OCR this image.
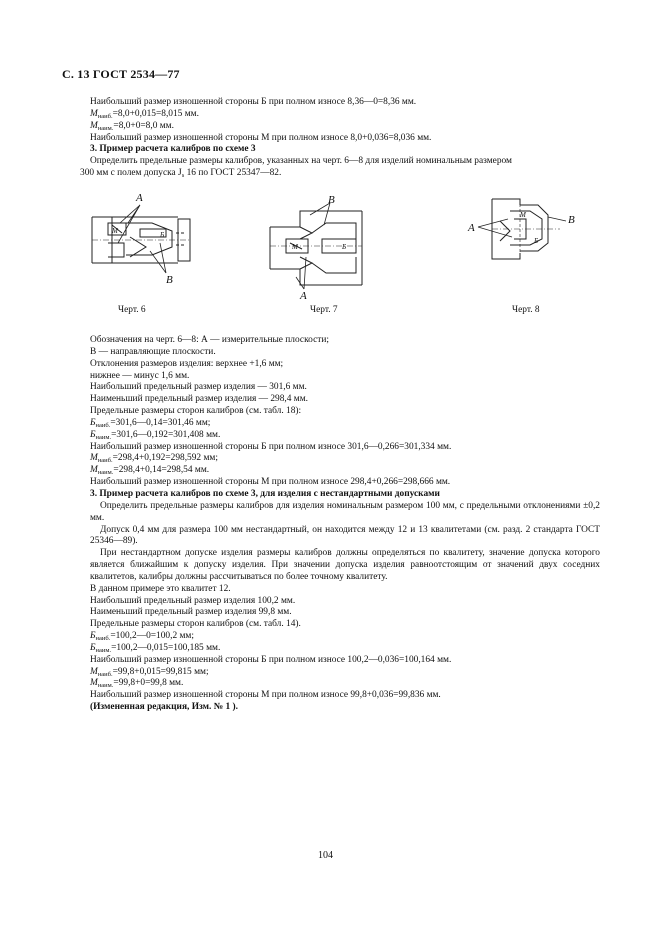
С. 13 ГОСТ 2534—77
Наибольший размер изношенной стороны Б при полном износе 8,36—0=8,36 мм.
$М_{наиб.}=8,0+0,015=8,015$ мм.
$М_{наим.}=8,0+0=8,0$ мм.
Наибольший размер изношенной стороны М при полном износе 8,0+0,036=8,036 мм.
3. Пример расчета калибров по схеме 3
Определить предельные размеры калибров, указанных на черт. 6—8 для изделий номинальным размером
300 мм с полем допуска $J_s$ 16 по ГОСТ 25347—82.
А
В
М	Б
В
А
М	Б
А
В
М
Б
Черт. 6	Черт. 7	Черт. 8
Обозначения на черт. 6—8: А — измерительные плоскости;
В — направляющие плоскости.
Отклонения размеров изделия: верхнее +1,6 мм;
нижнее — минус 1,6 мм.
Наибольший предельный размер изделия — 301,6 мм.
Наименьший предельный размер изделия — 298,4 мм.
Предельные размеры сторон калибров (см. табл. 18):
$Б_{наиб.}=301,6—0,14=301,46$ мм;
$Б_{наим.}=301,6—0,192=301,408$ мм.
Наибольший размер изношенной стороны Б при полном износе 301,6—0,266=301,334 мм.
$М_{наиб.}=298,4+0,192=298,592$ мм;
$М_{наим.}=298,4+0,14=298,54$ мм.
Наибольший размер изношенной стороны М при полном износе 298,4+0,266=298,666 мм.
3. Пример расчета калибров по схеме 3, для изделия с нестандартными допусками
Определить предельные размеры калибров для изделия номинальным размером 100 мм, с предельными отклонениями ±0,2 мм.
Допуск 0,4 мм для размера 100 мм нестандартный, он находится между 12 и 13 квалитетами (см. разд. 2 стандарта ГОСТ 25346—89).
При нестандартном допуске изделия размеры калибров должны определяться по квалитету, значение допуска которого является ближайшим к допуску изделия. При значении допуска изделия равноотстоящим от значений двух соседних квалитетов, калибры должны рассчитываться по более точному квалитету.
В данном примере это квалитет 12.
Наибольший предельный размер изделия 100,2 мм.
Наименьший предельный размер изделия 99,8 мм.
Предельные размеры сторон калибров (см. табл. 14).
$Б_{наиб.}=100,2—0=100,2$ мм;
$Б_{наим.}=100,2—0,015=100,185$ мм.
Наибольший размер изношенной стороны Б при полном износе 100,2—0,036=100,164 мм.
$М_{наиб.}=99,8+0,015=99,815$ мм;
$М_{наим.}=99,8+0=99,8$ мм.
Наибольший размер изношенной стороны М при полном износе 99,8+0,036=99,836 мм.
(Измененная редакция, Изм. № 1 ).
104
